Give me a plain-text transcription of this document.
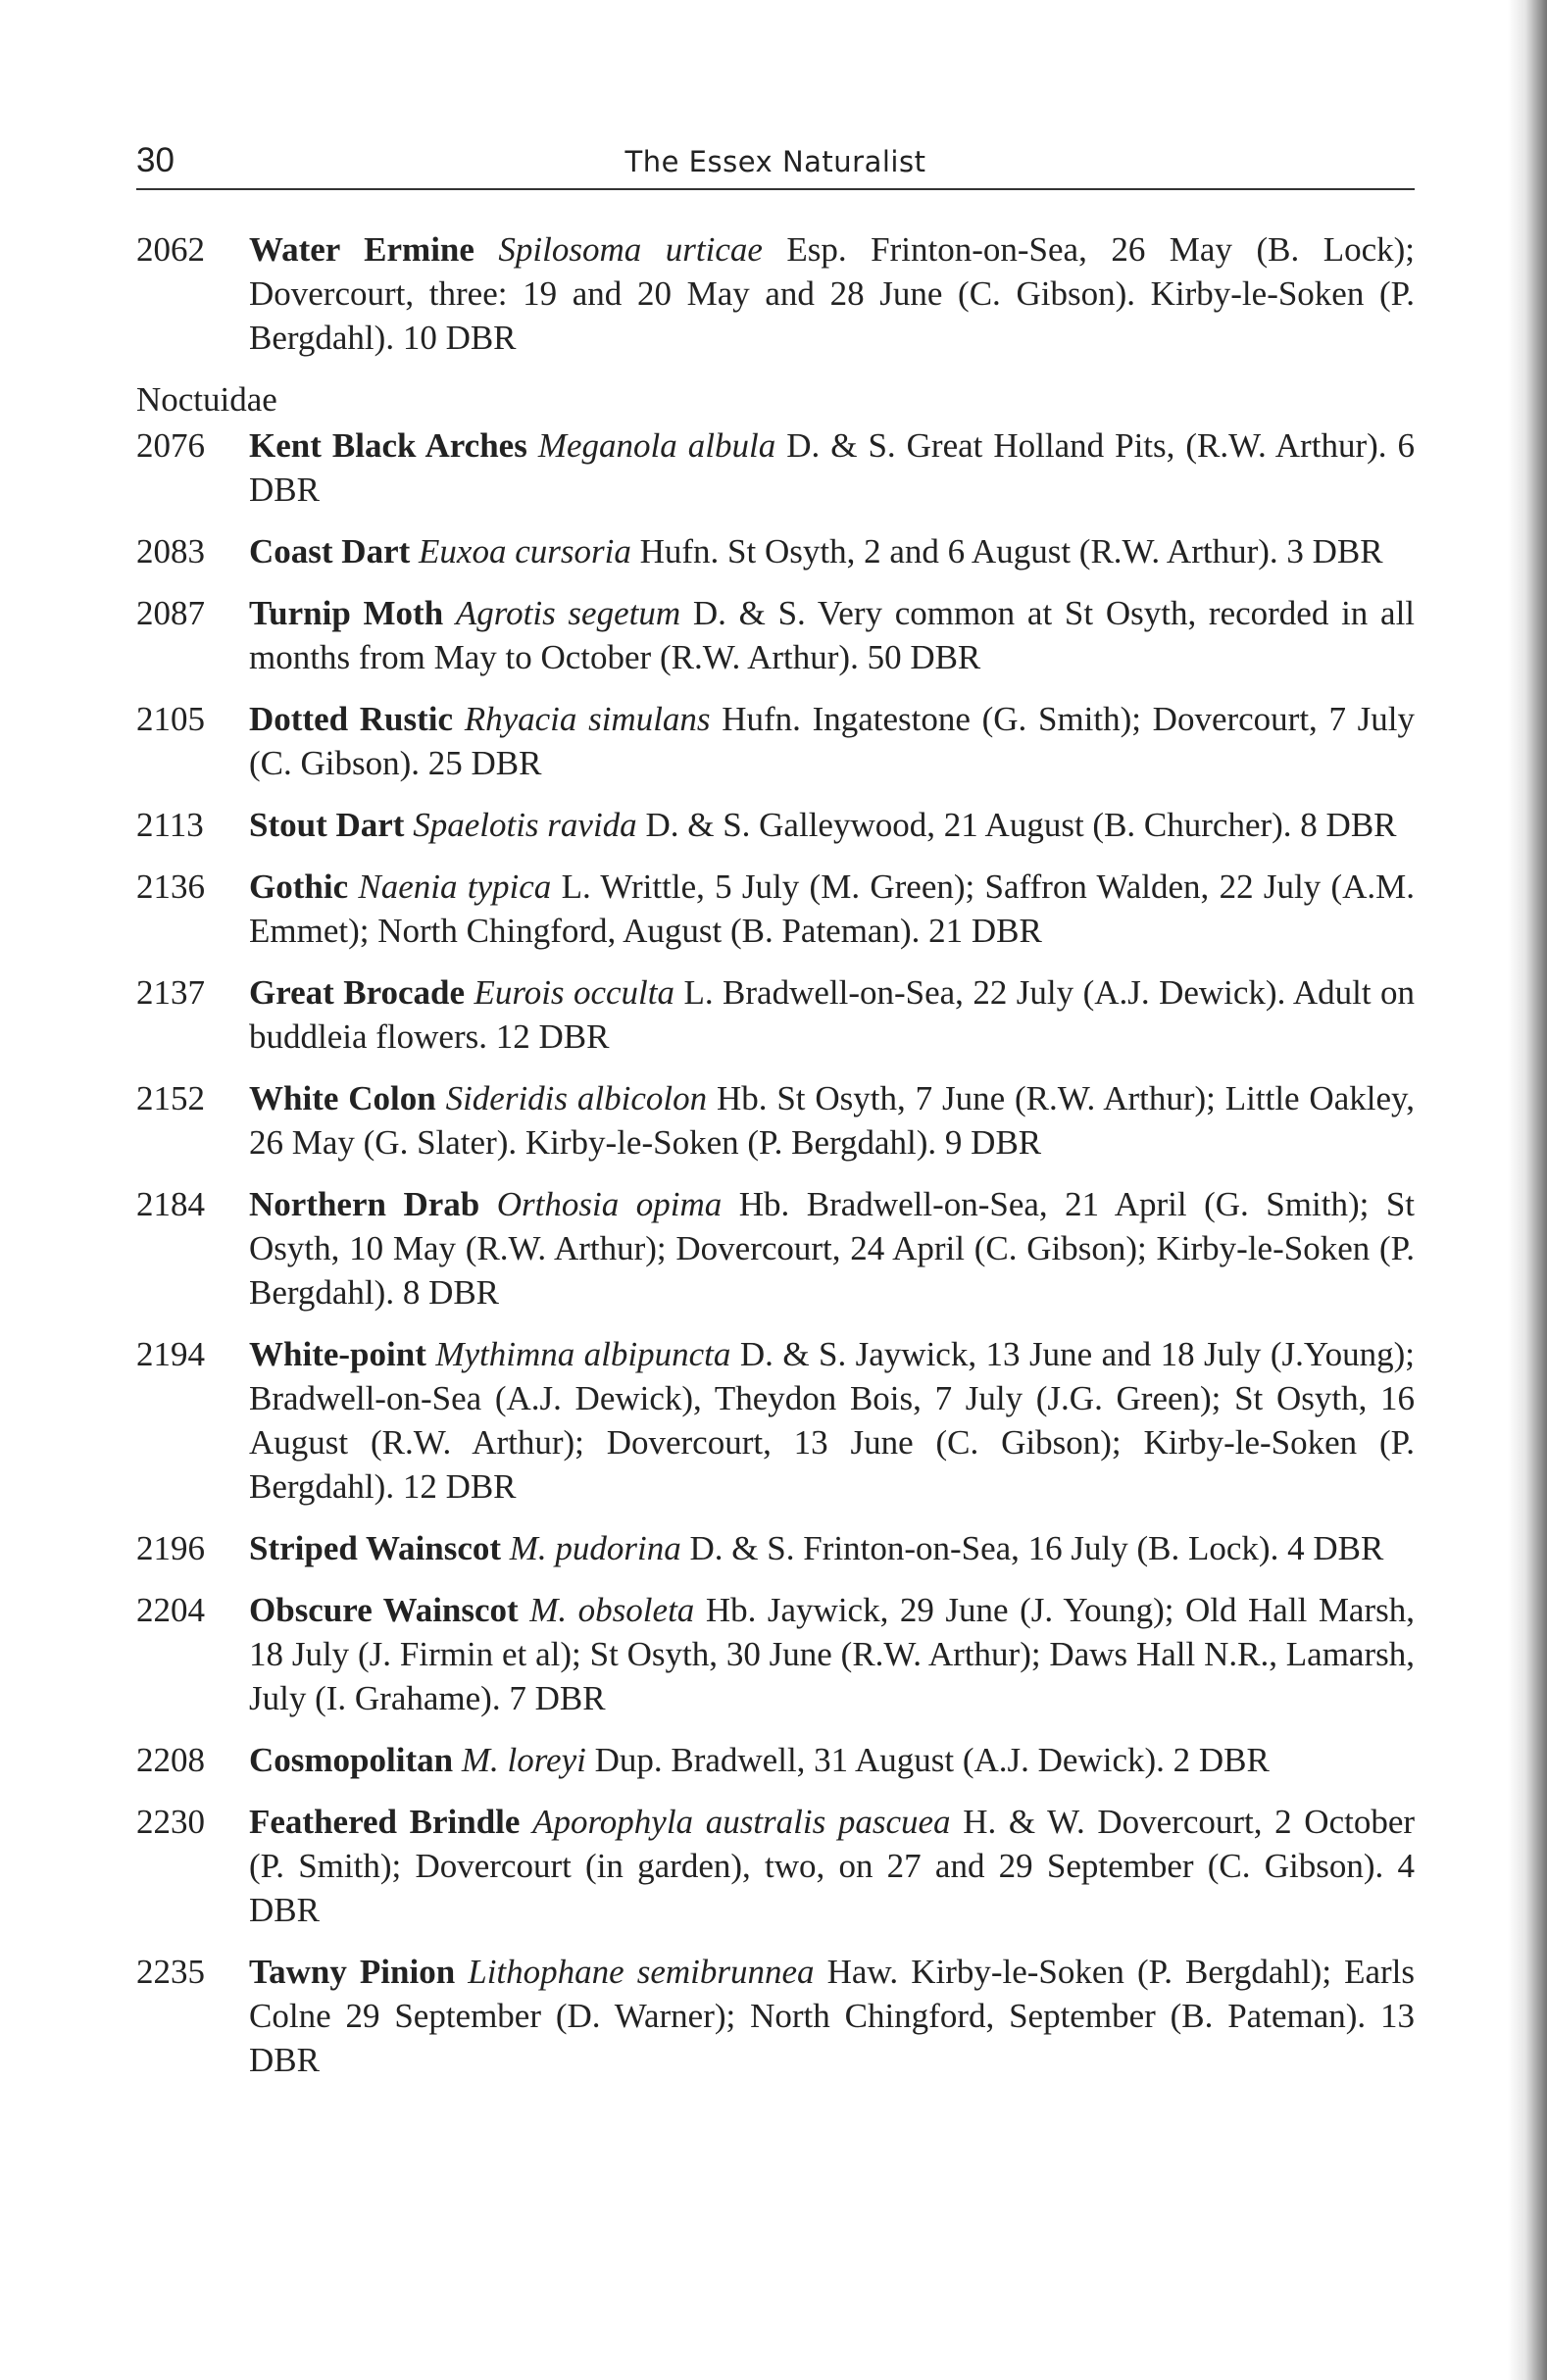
30	The Essex Naturalist
2062	Water Ermine Spilosoma urticae Esp. Frinton-on-Sea, 26 May (B. Lock); Dovercourt, three: 19 and 20 May and 28 June (C. Gibson). Kirby-le-Soken (P. Bergdahl). 10 DBR
Noctuidae
2076	Kent Black Arches Meganola albula D. & S. Great Holland Pits, (R.W. Arthur). 6 DBR
2083	Coast Dart Euxoa cursoria Hufn. St Osyth, 2 and 6 August (R.W. Arthur). 3 DBR
2087	Turnip Moth Agrotis segetum D. & S. Very common at St Osyth, recorded in all months from May to October (R.W. Arthur). 50 DBR
2105	Dotted Rustic Rhyacia simulans Hufn. Ingatestone (G. Smith); Dovercourt, 7 July (C. Gibson). 25 DBR
2113	Stout Dart Spaelotis ravida D. & S. Galleywood, 21 August (B. Churcher). 8 DBR
2136	Gothic Naenia typica L. Writtle, 5 July (M. Green); Saffron Walden, 22 July (A.M. Emmet); North Chingford, August (B. Pateman). 21 DBR
2137	Great Brocade Eurois occulta L. Bradwell-on-Sea, 22 July (A.J. Dewick). Adult on buddleia flowers. 12 DBR
2152	White Colon Sideridis albicolon Hb. St Osyth, 7 June (R.W. Arthur); Little Oakley, 26 May (G. Slater). Kirby-le-Soken (P. Bergdahl). 9 DBR
2184	Northern Drab Orthosia opima Hb. Bradwell-on-Sea, 21 April (G. Smith); St Osyth, 10 May (R.W. Arthur); Dovercourt, 24 April (C. Gibson); Kirby-le-Soken (P. Bergdahl). 8 DBR
2194	White-point Mythimna albipuncta D. & S. Jaywick, 13 June and 18 July (J.Young); Bradwell-on-Sea (A.J. Dewick), Theydon Bois, 7 July (J.G. Green); St Osyth, 16 August (R.W. Arthur); Dovercourt, 13 June (C. Gibson); Kirby-le-Soken (P. Bergdahl). 12 DBR
2196	Striped Wainscot M. pudorina D. & S. Frinton-on-Sea, 16 July (B. Lock). 4 DBR
2204	Obscure Wainscot M. obsoleta Hb. Jaywick, 29 June (J. Young); Old Hall Marsh, 18 July (J. Firmin et al); St Osyth, 30 June (R.W. Arthur); Daws Hall N.R., Lamarsh, July (I. Grahame). 7 DBR
2208	Cosmopolitan M. loreyi Dup. Bradwell, 31 August (A.J. Dewick). 2 DBR
2230	Feathered Brindle Aporophyla australis pascuea H. & W. Dovercourt, 2 October (P. Smith); Dovercourt (in garden), two, on 27 and 29 September (C. Gibson). 4 DBR
2235	Tawny Pinion Lithophane semibrunnea Haw. Kirby-le-Soken (P. Bergdahl); Earls Colne 29 September (D. Warner); North Chingford, September (B. Pateman). 13 DBR
